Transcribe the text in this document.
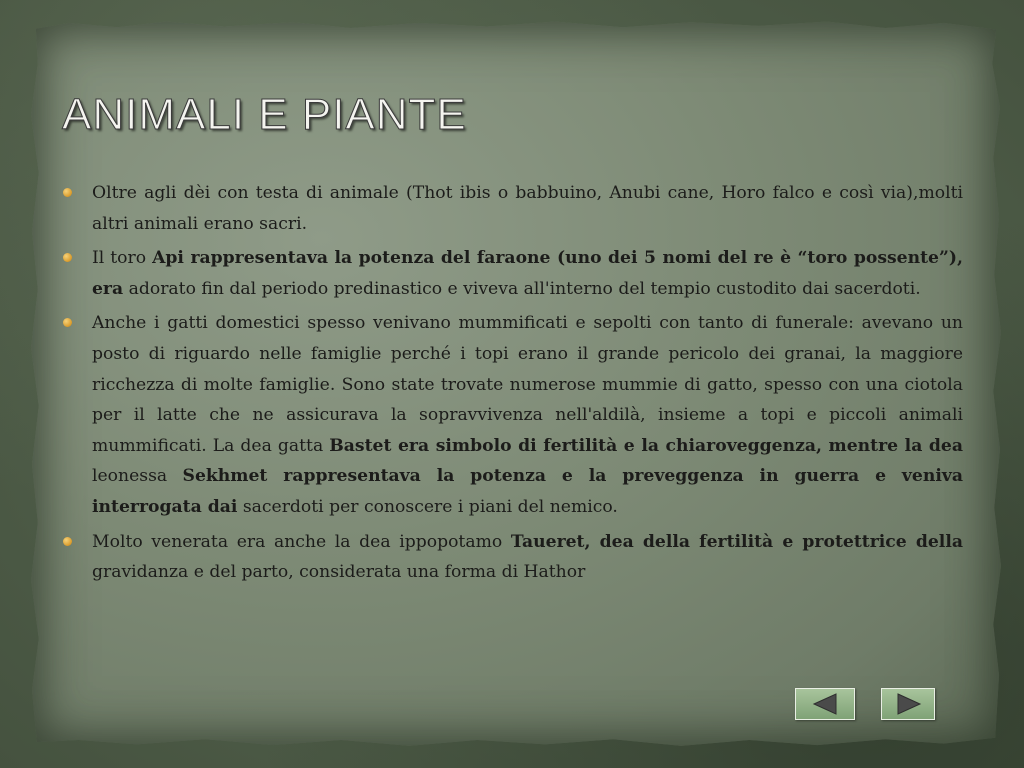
ANIMALI E PIANTE
Oltre agli dèi con testa di animale (Thot ibis o babbuino, Anubi cane, Horo falco e così via),molti altri animali erano sacri.
Il toro Api rappresentava la potenza del faraone (uno dei 5 nomi del re è “toro possente”), era adorato fin dal periodo predinastico e viveva all'interno del tempio custodito dai sacerdoti.
Anche i gatti domestici spesso venivano mummificati e sepolti con tanto di funerale: avevano un posto di riguardo nelle famiglie perché i topi erano il grande pericolo dei granai, la maggiore ricchezza di molte famiglie. Sono state trovate numerose mummie di gatto, spesso con una ciotola per il latte che ne assicurava la sopravvivenza nell'aldilà, insieme a topi e piccoli animali mummificati. La dea gatta Bastet era simbolo di fertilità e la chiaroveggenza, mentre la dea leonessa Sekhmet rappresentava la potenza e la preveggenza in guerra e veniva interrogata dai sacerdoti per conoscere i piani del nemico.
Molto venerata era anche la dea ippopotamo Taueret, dea della fertilità e protettrice della gravidanza e del parto, considerata una forma di Hathor
